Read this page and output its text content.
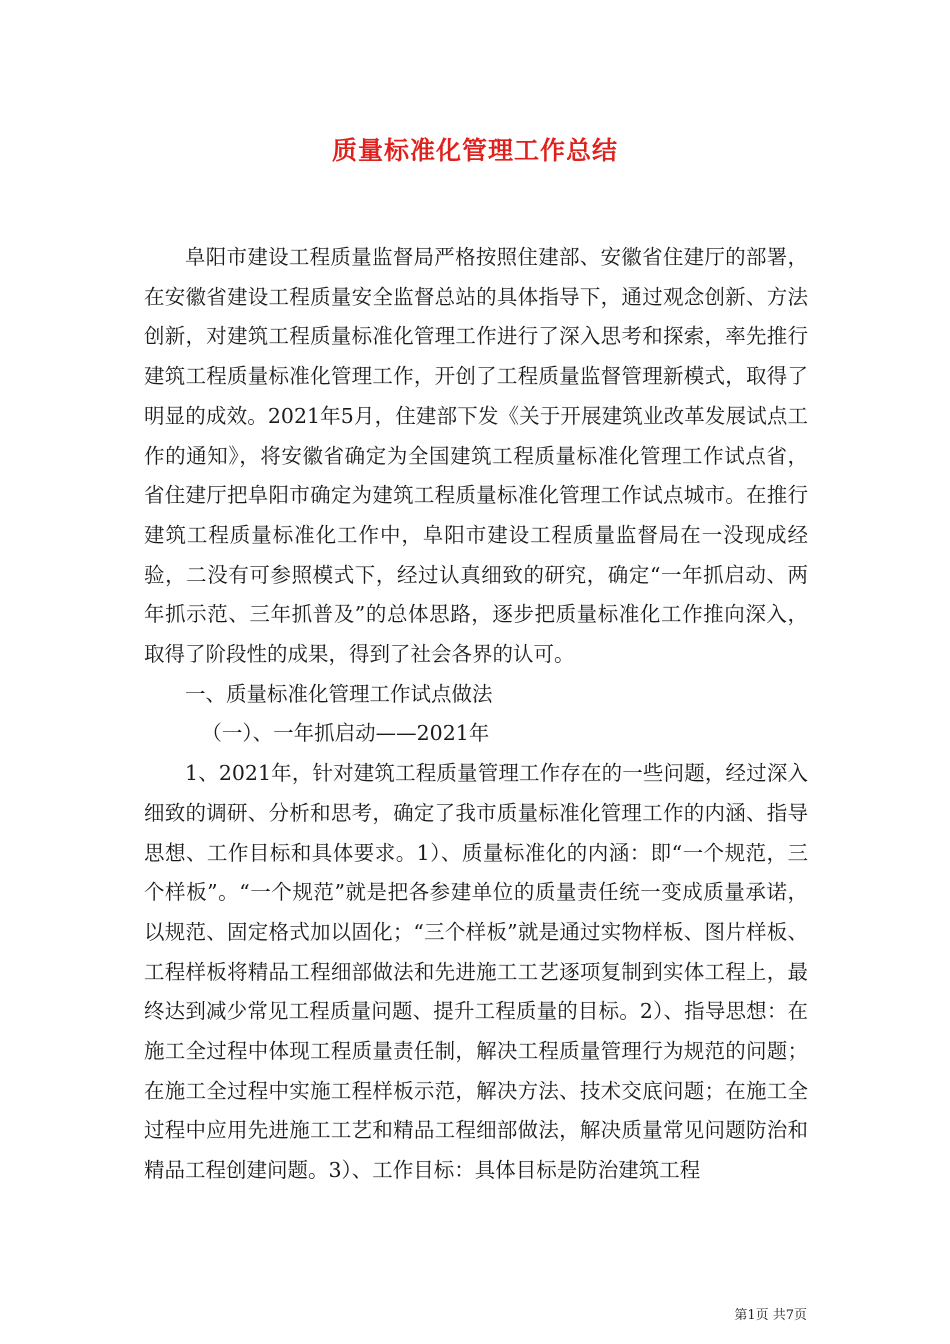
质量标准化管理工作总结

阜阳市建设工程质量监督局严格按照住建部、安徽省住建厅的部署，在安徽省建设工程质量安全监督总站的具体指导下，通过观念创新、方法创新，对建筑工程质量标准化管理工作进行了深入思考和探索，率先推行建筑工程质量标准化管理工作，开创了工程质量监督管理新模式，取得了明显的成效。2021年5月，住建部下发《关于开展建筑业改革发展试点工作的通知》，将安徽省确定为全国建筑工程质量标准化管理工作试点省，省住建厅把阜阳市确定为建筑工程质量标准化管理工作试点城市。在推行建筑工程质量标准化工作中，阜阳市建设工程质量监督局在一没现成经验，二没有可参照模式下，经过认真细致的研究，确定“一年抓启动、两年抓示范、三年抓普及”的总体思路，逐步把质量标准化工作推向深入，取得了阶段性的成果，得到了社会各界的认可。

一、质量标准化管理工作试点做法

（一）、一年抓启动——2021年

1、2021年，针对建筑工程质量管理工作存在的一些问题，经过深入细致的调研、分析和思考，确定了我市质量标准化管理工作的内涵、指导思想、工作目标和具体要求。1）、质量标准化的内涵：即“一个规范，三个样板”。“一个规范”就是把各参建单位的质量责任统一变成质量承诺，以规范、固定格式加以固化；“三个样板”就是通过实物样板、图片样板、工程样板将精品工程细部做法和先进施工工艺逐项复制到实体工程上，最终达到减少常见工程质量问题、提升工程质量的目标。2）、指导思想：在施工全过程中体现工程质量责任制，解决工程质量管理行为规范的问题；在施工全过程中实施工程样板示范，解决方法、技术交底问题；在施工全过程中应用先进施工工艺和精品工程细部做法，解决质量常见问题防治和精品工程创建问题。3）、工作目标：具体目标是防治建筑工程

第1页 共7页
